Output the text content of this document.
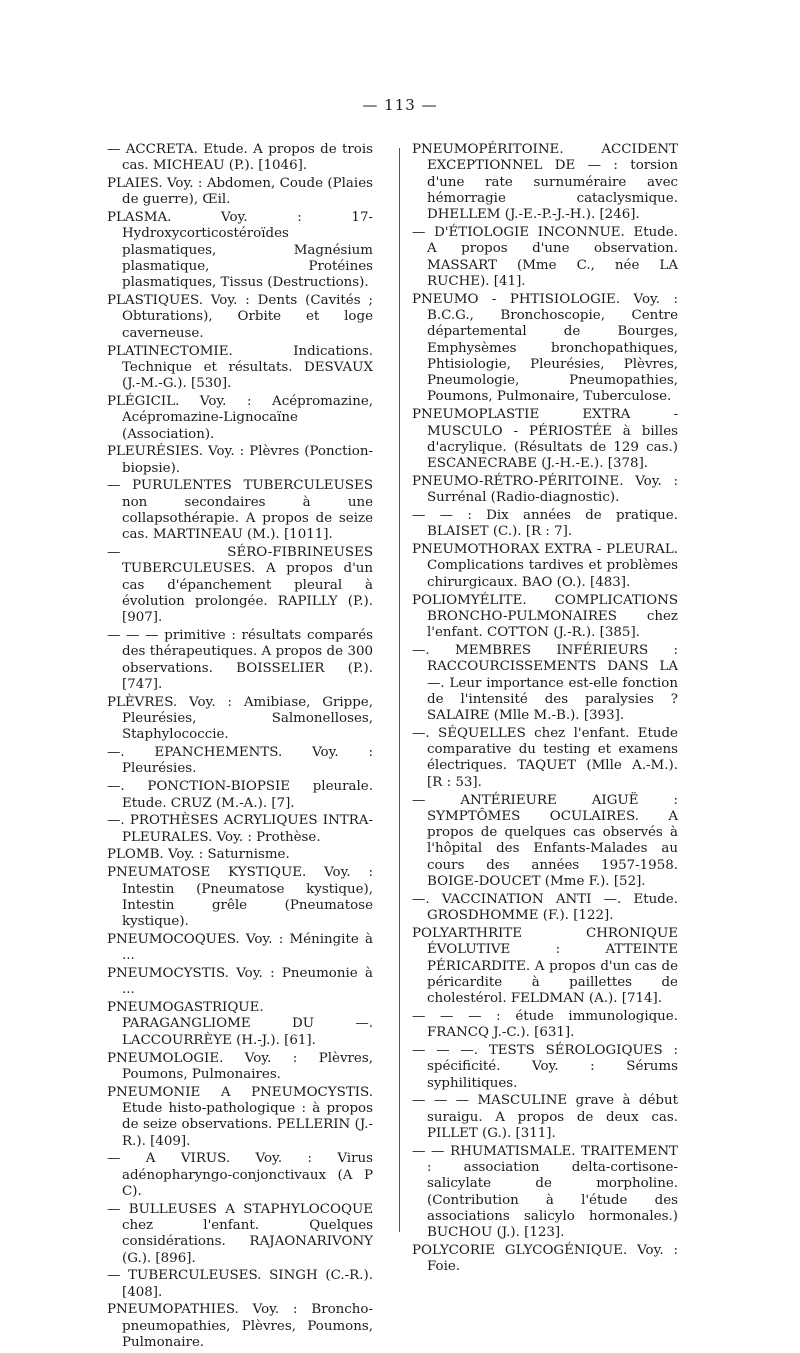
— 113 —

— ACCRETA. Etude. A propos de trois cas. MICHEAU (P.). [1046].

PLAIES. Voy. : Abdomen, Coude (Plaies de guerre), Œil.

PLASMA. Voy. : 17-Hydroxycorticostéroïdes plasmatiques, Magnésium plasmatique, Protéines plasmatiques, Tissus (Destructions).

PLASTIQUES. Voy. : Dents (Cavités ; Obturations), Orbite et loge caverneuse.

PLATINECTOMIE. Indications. Technique et résultats. DESVAUX (J.-M.-G.). [530].

PLÉGICIL. Voy. : Acépromazine, Acépromazine-Lignocaïne (Association).

PLEURÉSIES. Voy. : Plèvres (Ponction-biopsie).

— PURULENTES TUBERCULEUSES non secondaires à une collapsothérapie. A propos de seize cas. MARTINEAU (M.). [1011].

— SÉRO-FIBRINEUSES TUBERCULEUSES. A propos d'un cas d'épanchement pleural à évolution prolongée. RAPILLY (P.). [907].

— — — primitive : résultats comparés des thérapeutiques. A propos de 300 observations. BOISSELIER (P.). [747].

PLÈVRES. Voy. : Amibiase, Grippe, Pleurésies, Salmonelloses, Staphylococcie.

—. EPANCHEMENTS. Voy. : Pleurésies.

—. PONCTION-BIOPSIE pleurale. Etude. CRUZ (M.-A.). [7].

—. PROTHÈSES ACRYLIQUES INTRA-PLEURALES. Voy. : Prothèse.

PLOMB. Voy. : Saturnisme.

PNEUMATOSE KYSTIQUE. Voy. : Intestin (Pneumatose kystique), Intestin grêle (Pneumatose kystique).

PNEUMOCOQUES. Voy. : Méningite à ...

PNEUMOCYSTIS. Voy. : Pneumonie à ...

PNEUMOGASTRIQUE. PARAGANGLIOME DU —. LACCOURRÈYE (H.-J.). [61].

PNEUMOLOGIE. Voy. : Plèvres, Poumons, Pulmonaires.

PNEUMONIE A PNEUMOCYSTIS. Etude histo-pathologique : à propos de seize observations. PELLERIN (J.-R.). [409].

— A VIRUS. Voy. : Virus adénopharyngo-conjonctivaux (A P C).

— BULLEUSES A STAPHYLOCOQUE chez l'enfant. Quelques considérations. RAJAONARIVONY (G.). [896].

— TUBERCULEUSES. SINGH (C.-R.). [408].

PNEUMOPATHIES. Voy. : Broncho-pneumopathies, Plèvres, Poumons, Pulmonaire.

PNEUMOPÉRITOINE. ACCIDENT EXCEPTIONNEL DE — : torsion d'une rate surnuméraire avec hémorragie cataclysmique. DHELLEM (J.-E.-P.-J.-H.). [246].

— D'ÉTIOLOGIE INCONNUE. Etude. A propos d'une observation. MASSART (Mme C., née LA RUCHE). [41].

PNEUMO - PHTISIOLOGIE. Voy. : B.C.G., Bronchoscopie, Centre départemental de Bourges, Emphysèmes bronchopathiques, Phtisiologie, Pleurésies, Plèvres, Pneumologie, Pneumopathies, Poumons, Pulmonaire, Tuberculose.

PNEUMOPLASTIE EXTRA - MUSCULO - PÉRIOSTÉE à billes d'acrylique. (Résultats de 129 cas.) ESCANECRABE (J.-H.-E.). [378].

PNEUMO-RÉTRO-PÉRITOINE. Voy. : Surrénal (Radio-diagnostic).

— — : Dix années de pratique. BLAISET (C.). [R : 7].

PNEUMOTHORAX EXTRA - PLEURAL. Complications tardives et problèmes chirurgicaux. BAO (O.). [483].

POLIOMYÉLITE. COMPLICATIONS BRONCHO-PULMONAIRES chez l'enfant. COTTON (J.-R.). [385].

—. MEMBRES INFÉRIEURS : RACCOURCISSEMENTS DANS LA —. Leur importance est-elle fonction de l'intensité des paralysies ? SALAIRE (Mlle M.-B.). [393].

—. SÉQUELLES chez l'enfant. Etude comparative du testing et examens électriques. TAQUET (Mlle A.-M.). [R : 53].

— ANTÉRIEURE AIGUË : SYMPTÔMES OCULAIRES. A propos de quelques cas observés à l'hôpital des Enfants-Malades au cours des années 1957-1958. BOIGE-DOUCET (Mme F.). [52].

—. VACCINATION ANTI —. Etude. GROSDHOMME (F.). [122].

POLYARTHRITE CHRONIQUE ÉVOLUTIVE : ATTEINTE PÉRICARDITE. A propos d'un cas de péricardite à paillettes de cholestérol. FELDMAN (A.). [714].

— — — : étude immunologique. FRANCQ J.-C.). [631].

— — —. TESTS SÉROLOGIQUES : spécificité. Voy. : Sérums syphilitiques.

— — — MASCULINE grave à début suraigu. A propos de deux cas. PILLET (G.). [311].

— — RHUMATISMALE. TRAITEMENT : association delta-cortisone-salicylate de morpholine. (Contribution à l'étude des associations salicylo hormonales.) BUCHOU (J.). [123].

POLYCORIE GLYCOGÉNIQUE. Voy. : Foie.
